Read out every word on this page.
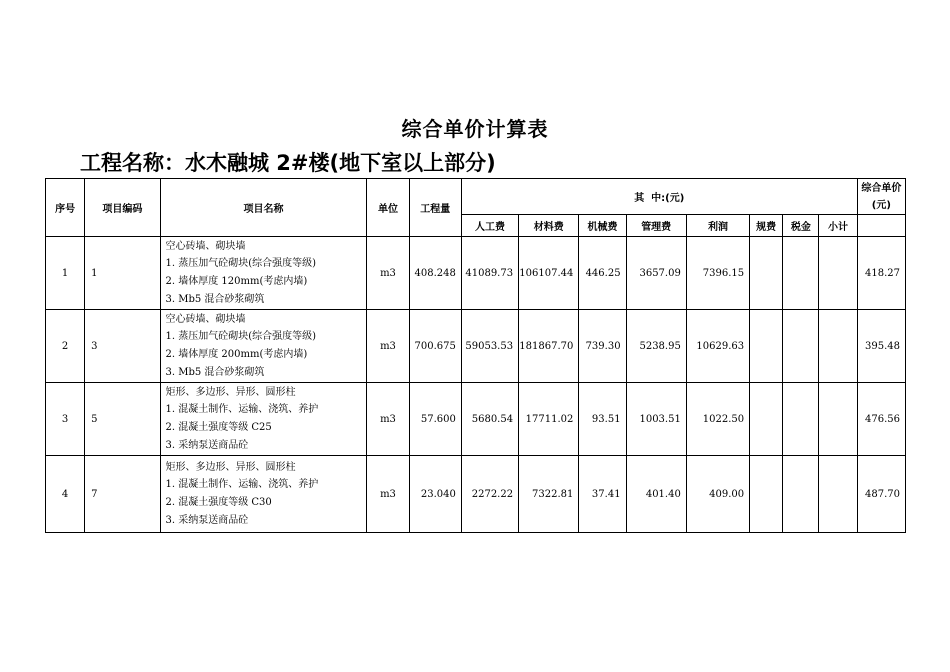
综合单价计算表
工程名称：水木融城 2#楼(地下室以上部分)
序号	项目编码	项目名称	单位	工程量	其  中:(元)								综合单价(元)
					人工费	材料费	机械费	管理费	利润	规费	税金	小计	
1	1	空心砖墙、砌块墙
1. 蒸压加气砼砌块(综合强度等级)
2. 墙体厚度 120mm(考虑内墙)
3. Mb5 混合砂浆砌筑	m3	408.248	41089.73	106107.44	446.25	3657.09	7396.15				418.27
2	3	空心砖墙、砌块墙
1. 蒸压加气砼砌块(综合强度等级)
2. 墙体厚度 200mm(考虑内墙)
3. Mb5 混合砂浆砌筑	m3	700.675	59053.53	181867.70	739.30	5238.95	10629.63				395.48
3	5	矩形、多边形、异形、圆形柱
1. 混凝土制作、运输、浇筑、养护
2. 混凝土强度等级 C25
3. 采纳泵送商品砼	m3	57.600	5680.54	17711.02	93.51	1003.51	1022.50				476.56
4	7	矩形、多边形、异形、圆形柱
1. 混凝土制作、运输、浇筑、养护
2. 混凝土强度等级 C30
3. 采纳泵送商品砼	m3	23.040	2272.22	7322.81	37.41	401.40	409.00				487.70
